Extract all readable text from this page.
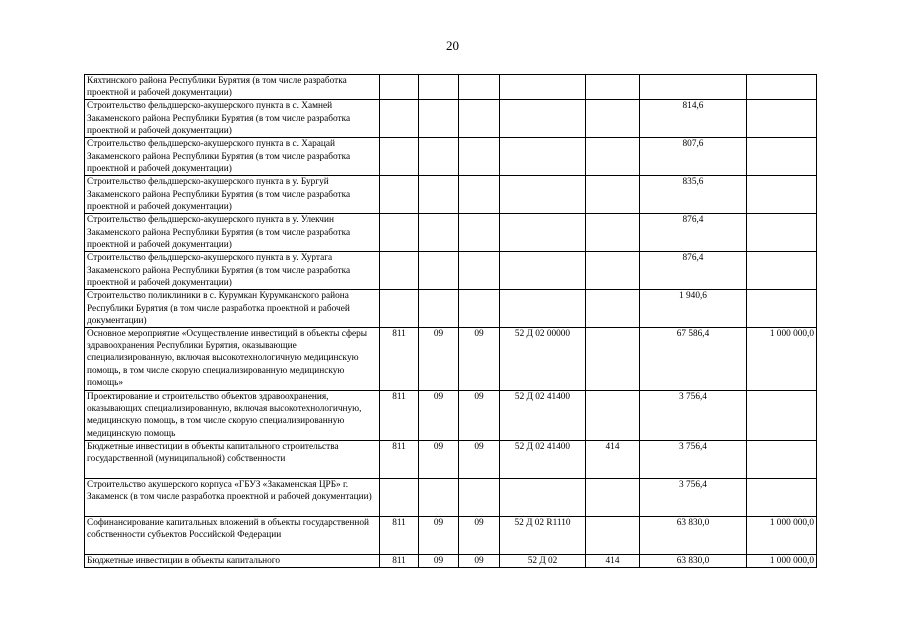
20
Кяхтинского района Республики Бурятия (в том числе разработка проектной и рабочей документации)							
Строительство фельдшерско-акушерского пункта в с. Хамней Закаменского района Республики Бурятия (в том числе разработка проектной и рабочей документации)						814,6	
Строительство фельдшерско-акушерского пункта в с. Харацай Закаменского района Республики Бурятия (в том числе разработка проектной и рабочей документации)						807,6	
Строительство фельдшерско-акушерского пункта в у. Бургуй Закаменского района Республики Бурятия (в том числе разработка проектной и рабочей документации)						835,6	
Строительство фельдшерско-акушерского пункта в у. Улекчин Закаменского района Республики Бурятия (в том числе разработка проектной и рабочей документации)						876,4	
Строительство фельдшерско-акушерского пункта в у. Хуртага Закаменского района Республики Бурятия (в том числе разработка проектной и рабочей документации)						876,4	
Строительство поликлиники в с. Курумкан Курумканского района Республики Бурятия (в том числе разработка проектной и рабочей документации)						1 940,6	
Основное мероприятие «Осуществление инвестиций в объекты сферы здравоохранения Республики Бурятия, оказывающие специализированную, включая высокотехнологичную медицинскую помощь, в том числе скорую специализированную медицинскую помощь»	811	09	09	52 Д 02 00000		67 586,4	1 000 000,0
Проектирование и строительство объектов здравоохранения, оказывающих специализированную, включая высокотехнологичную, медицинскую помощь, в том числе скорую специализированную медицинскую помощь	811	09	09	52 Д 02 41400		3 756,4	
Бюджетные инвестиции в объекты капитального строительства государственной (муниципальной) собственности	811	09	09	52 Д 02 41400	414	3 756,4	
Строительство акушерского корпуса «ГБУЗ «Закаменская ЦРБ» г. Закаменск (в том числе разработка проектной и рабочей документации)						3 756,4	
Софинансирование капитальных вложений в объекты государственной собственности субъектов Российской Федерации	811	09	09	52 Д 02 R1110		63 830,0	1 000 000,0
Бюджетные инвестиции в объекты капитального	811	09	09	52 Д 02	414	63 830,0	1 000 000,0
